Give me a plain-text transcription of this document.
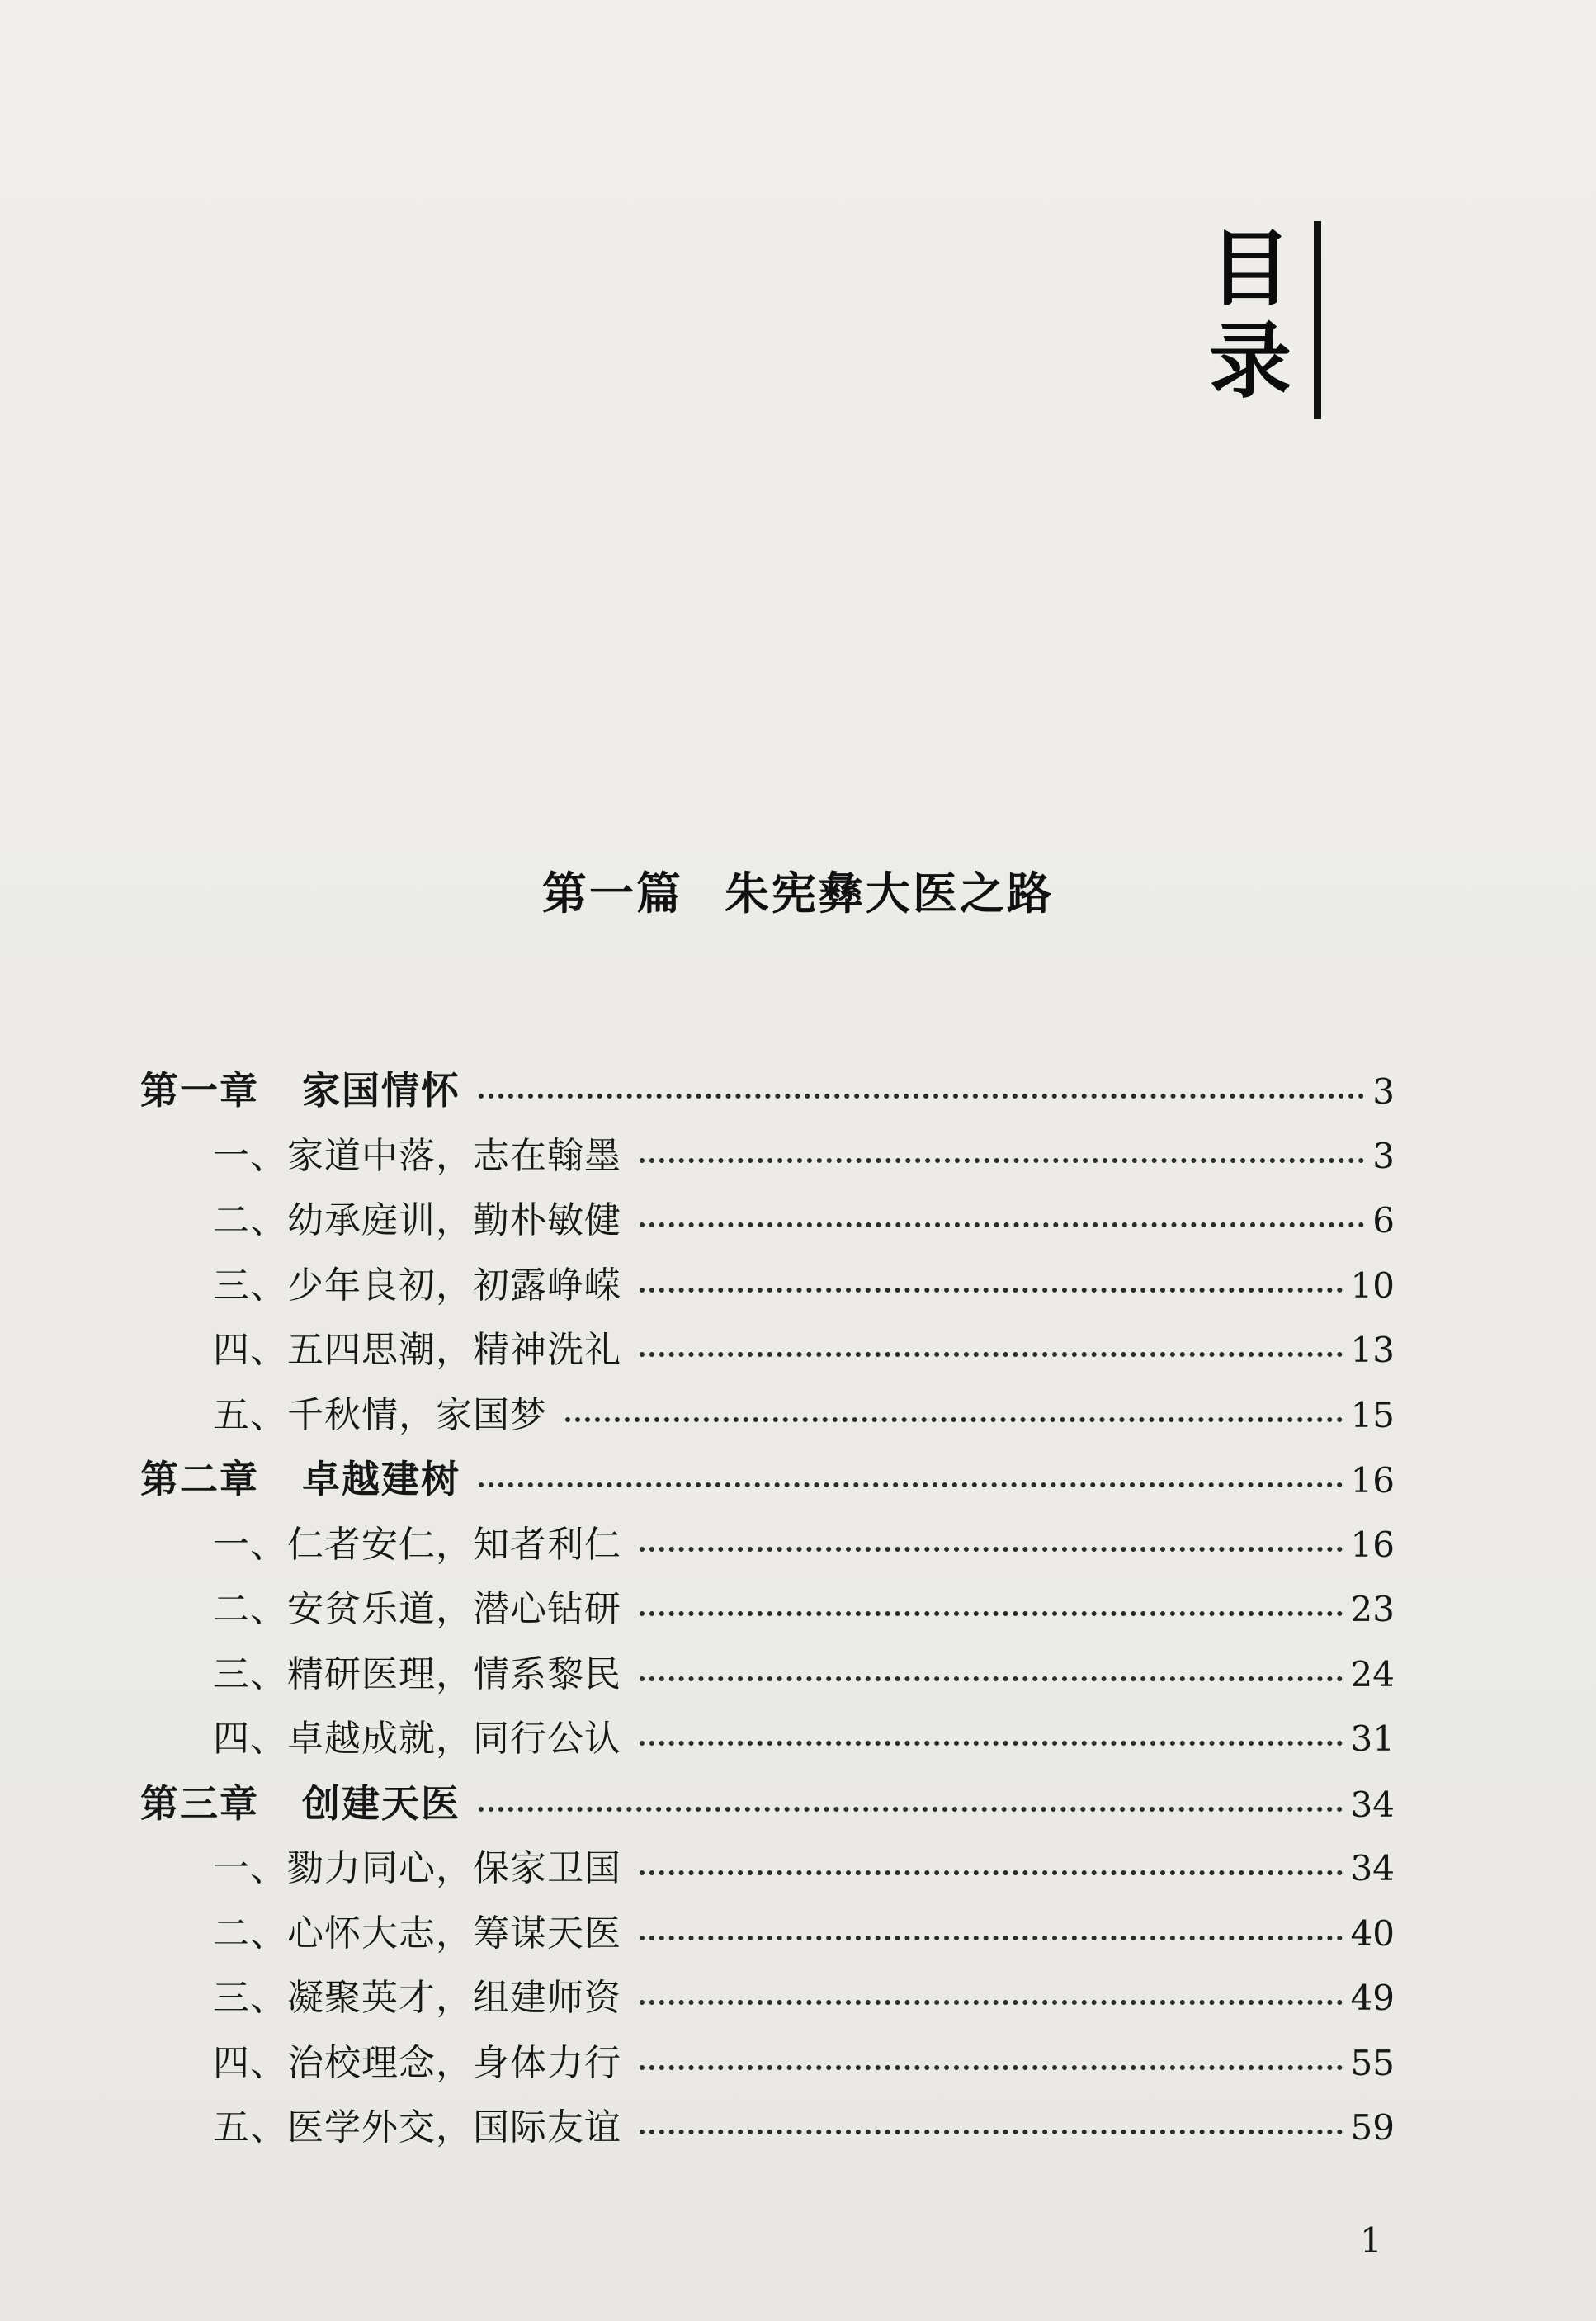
目
录
第一篇 朱宪彝大医之路
第一章 家国情怀	3
一、家道中落，志在翰墨	3
二、幼承庭训，勤朴敏健	6
三、少年良初，初露峥嵘	10
四、五四思潮，精神洗礼	13
五、千秋情，家国梦	15
第二章 卓越建树	16
一、仁者安仁，知者利仁	16
二、安贫乐道，潜心钻研	23
三、精研医理，情系黎民	24
四、卓越成就，同行公认	31
第三章 创建天医	34
一、勠力同心，保家卫国	34
二、心怀大志，筹谋天医	40
三、凝聚英才，组建师资	49
四、治校理念，身体力行	55
五、医学外交，国际友谊	59
1
